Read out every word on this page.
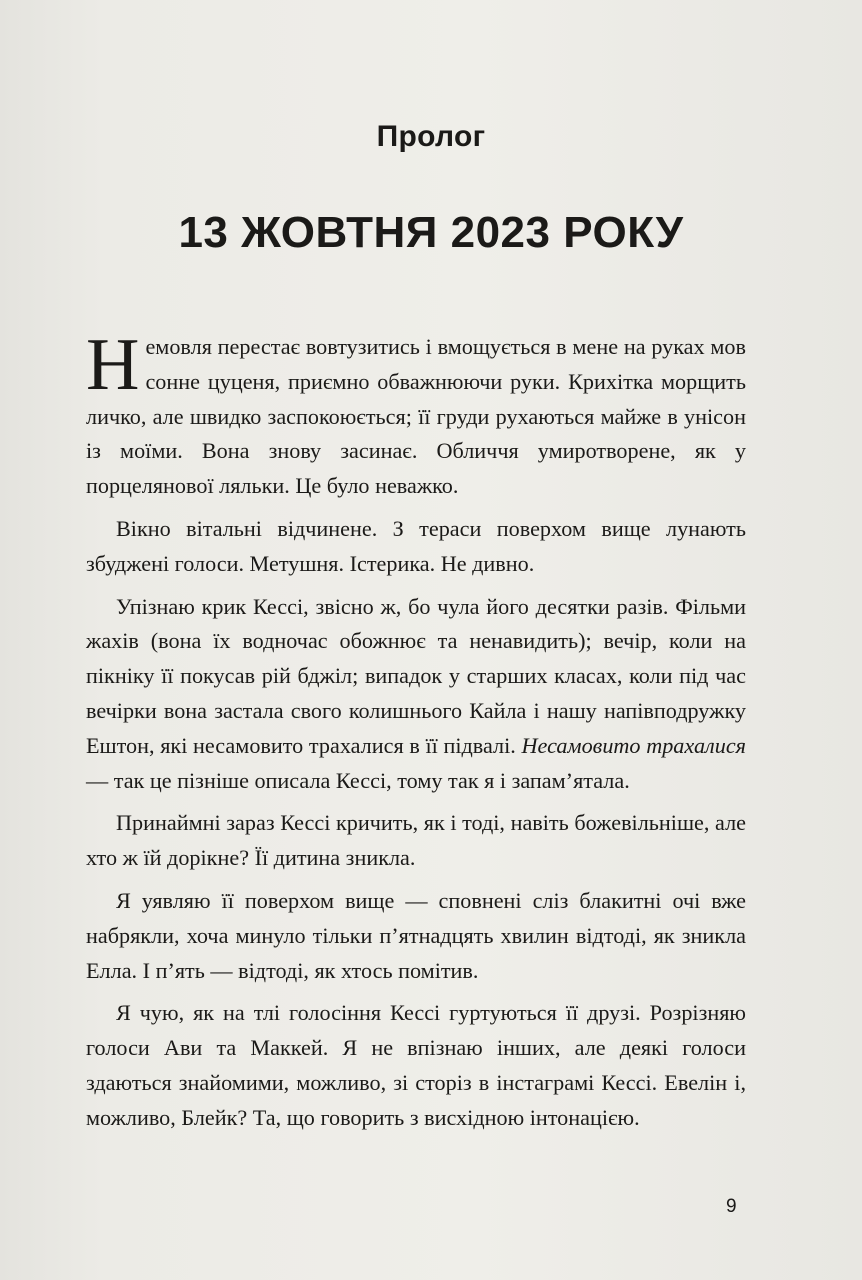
Пролог
13 ЖОВТНЯ 2023 РОКУ

Немовля перестає вовтузитись і вмощується в мене на руках мов сонне цуценя, приємно обважнюючи руки. Крихітка морщить личко, але швидко заспокоюється; її груди рухаються майже в унісон із моїми. Вона знову засинає. Обличчя умиротворене, як у порцелянової ляльки. Це було неважко.

Вікно вітальні відчинене. З тераси поверхом вище лунають збуджені голоси. Метушня. Істерика. Не дивно.

Упізнаю крик Кессі, звісно ж, бо чула його десятки разів. Фільми жахів (вона їх водночас обожнює та ненавидить); вечір, коли на пікніку її покусав рій бджіл; випадок у старших класах, коли під час вечірки вона застала свого колишнього Кайла і нашу напівподружку Ештон, які несамовито трахалися в її підвалі. Несамовито трахалися — так це пізніше описала Кессі, тому так я і запам’ятала.

Принаймні зараз Кессі кричить, як і тоді, навіть божевільніше, але хто ж їй дорікне? Її дитина зникла.

Я уявляю її поверхом вище — сповнені сліз блакитні очі вже набрякли, хоча минуло тільки п’ятнадцять хвилин відтоді, як зникла Елла. І п’ять — відтоді, як хтось помітив.

Я чую, як на тлі голосіння Кессі гуртуються її друзі. Розрізняю голоси Ави та Маккей. Я не впізнаю інших, але деякі голоси здаються знайомими, можливо, зі сторіз в інстаграмі Кессі. Евелін і, можливо, Блейк? Та, що говорить з висхідною інтонацією.

9
